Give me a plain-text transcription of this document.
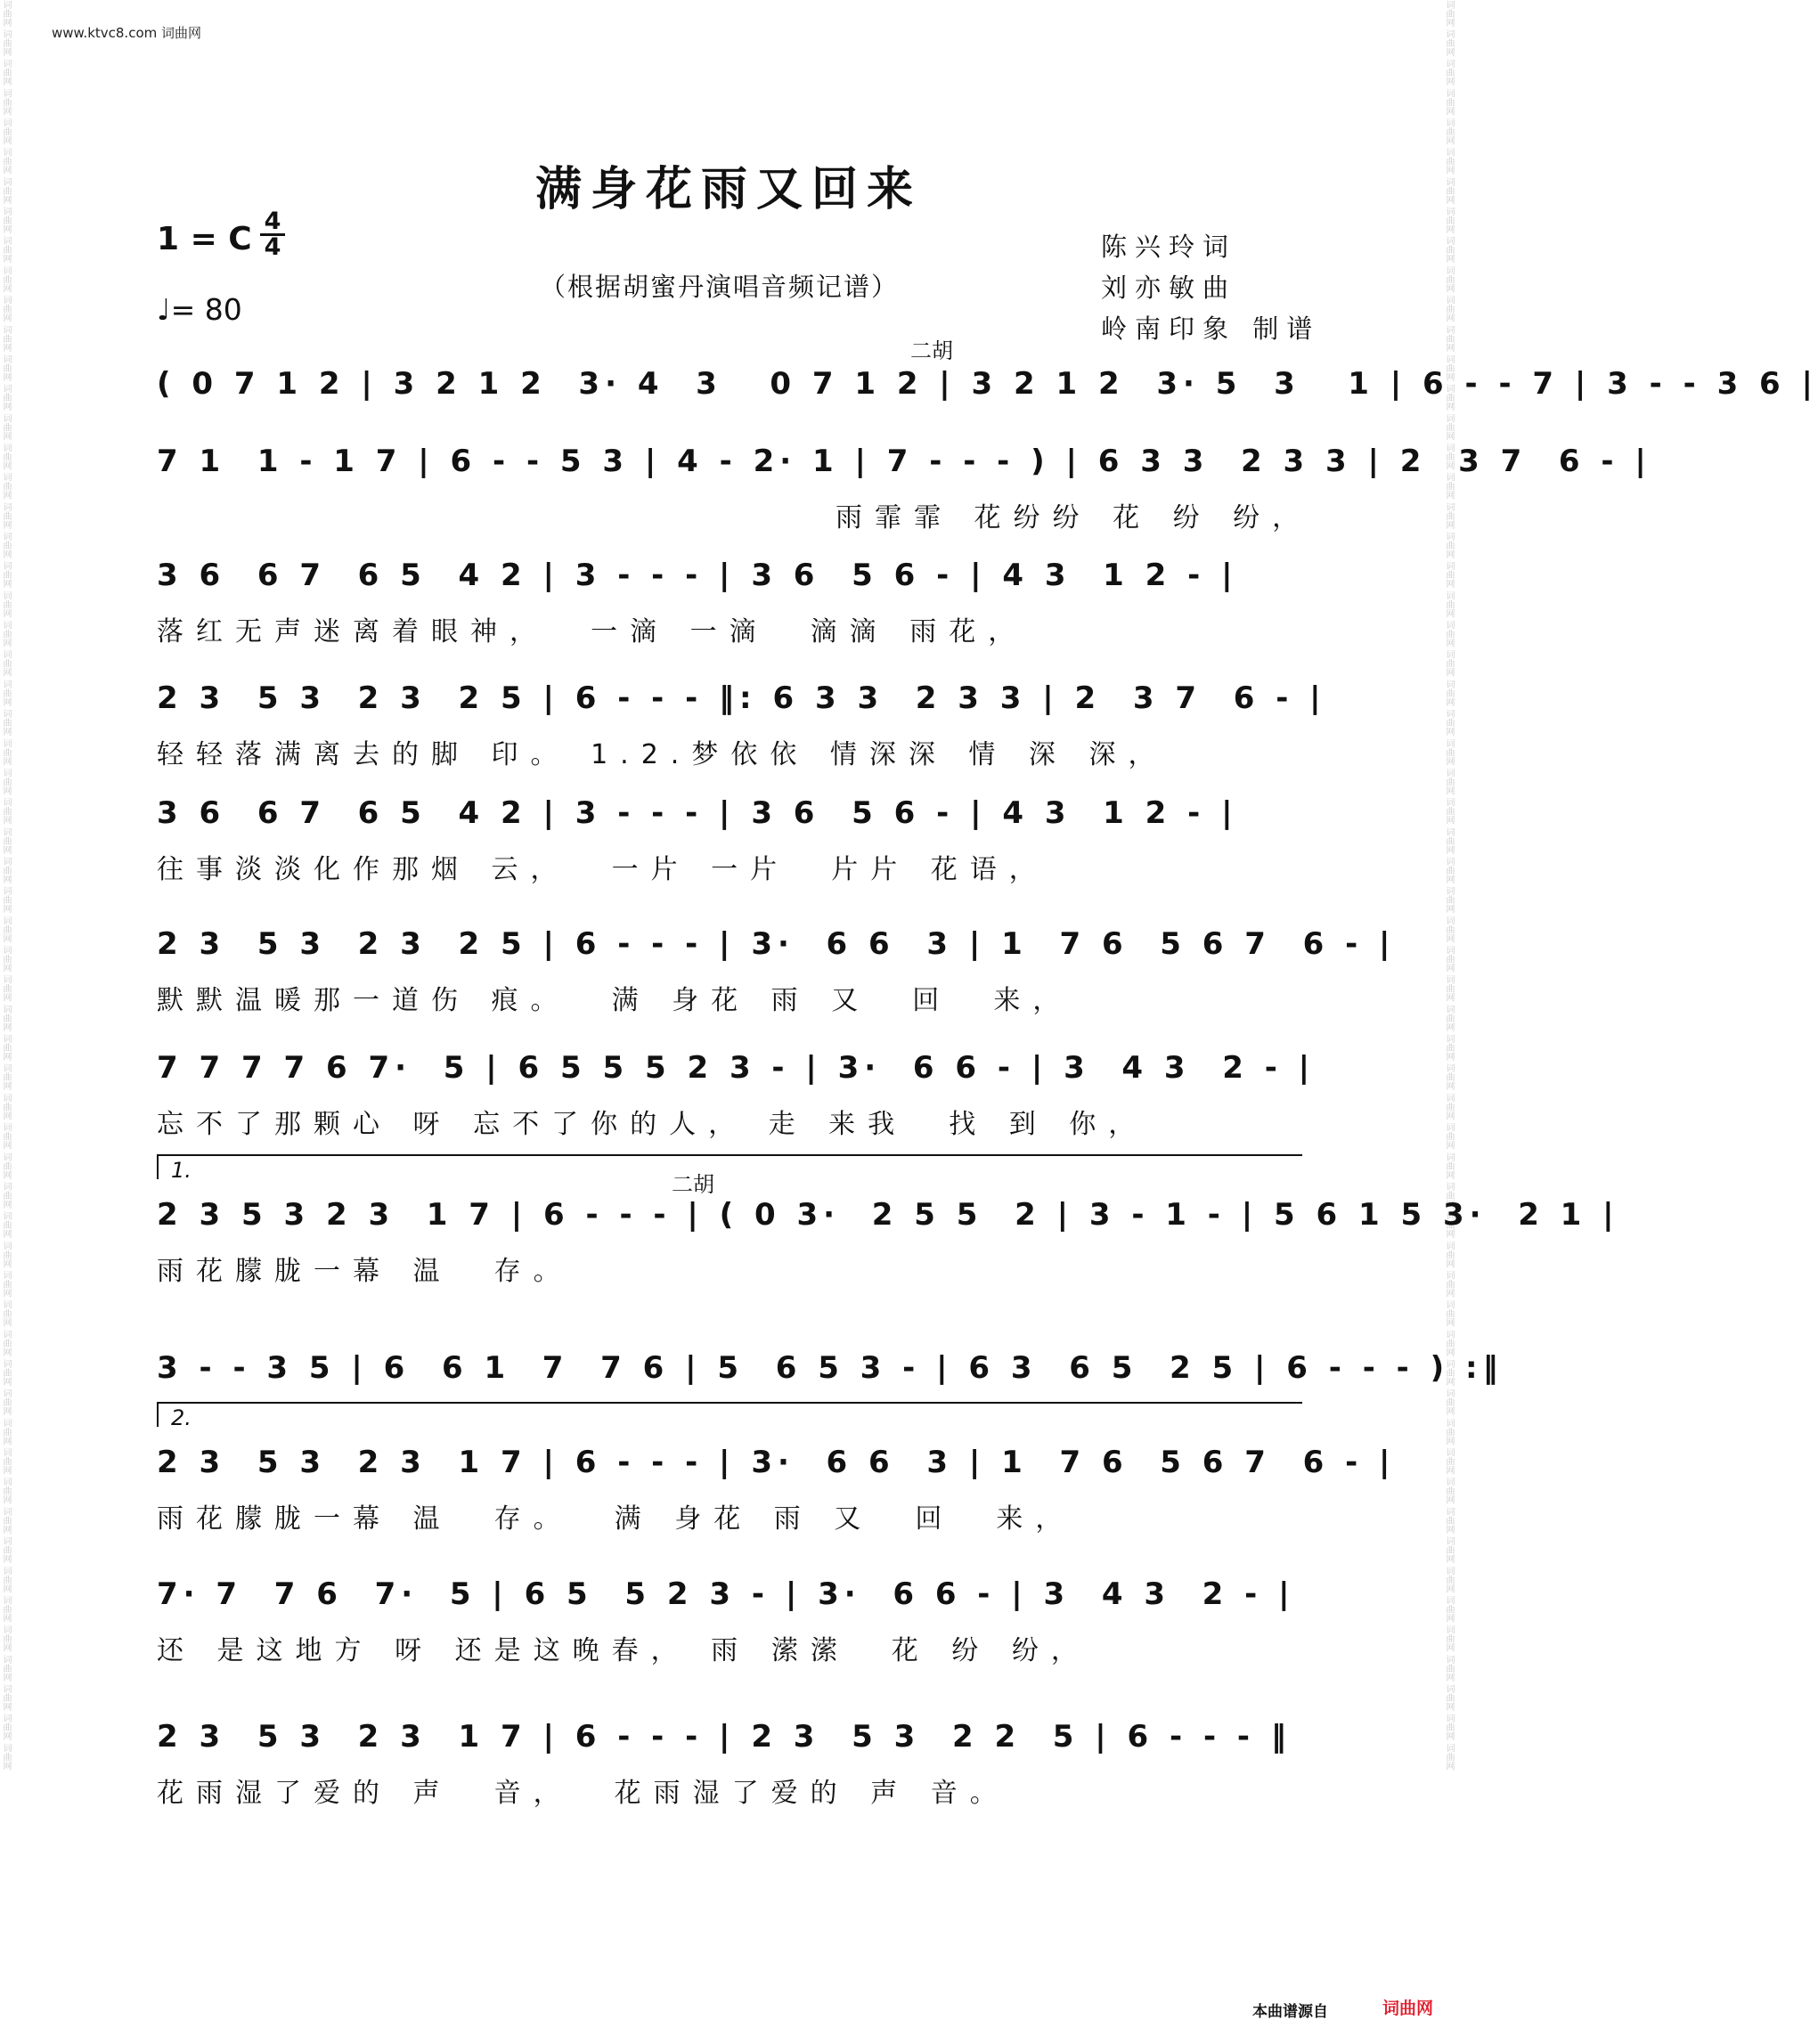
词曲网 词曲网 词曲网 词曲网 词曲网 词曲网 词曲网 词曲网 词曲网 词曲网 词曲网 词曲网 词曲网 词曲网 词曲网 词曲网 词曲网 词曲网 词曲网 词曲网 词曲网 词曲网 词曲网 词曲网 词曲网 词曲网 词曲网 词曲网 词曲网 词曲网 词曲网 词曲网 词曲网 词曲网 词曲网 词曲网 词曲网 词曲网 词曲网 词曲网 词曲网 词曲网 词曲网 词曲网 词曲网 词曲网 词曲网 词曲网 词曲网 词曲网 词曲网 词曲网 词曲网 词曲网 词曲网 词曲网 词曲网 词曲网 词曲网 词曲网	词曲网 词曲网 词曲网 词曲网 词曲网 词曲网 词曲网 词曲网 词曲网 词曲网 词曲网 词曲网 词曲网 词曲网 词曲网 词曲网 词曲网 词曲网 词曲网 词曲网 词曲网 词曲网 词曲网 词曲网 词曲网 词曲网 词曲网 词曲网 词曲网 词曲网 词曲网 词曲网 词曲网 词曲网 词曲网 词曲网 词曲网 词曲网 词曲网 词曲网 词曲网 词曲网 词曲网 词曲网 词曲网 词曲网 词曲网 词曲网 词曲网 词曲网 词曲网 词曲网 词曲网 词曲网 词曲网 词曲网 词曲网 词曲网 词曲网 词曲网
www.ktvc8.com 词曲网
满身花雨又回来
1 = C 4
4
♩= 80
（根据胡蜜丹演唱音频记谱）
陈兴玲词
刘亦敏曲
岭南印象 制谱
二胡
二胡
1.
2.
( 0 7 1 2 | 3 2 1 2  3· 4  3   0 7 1 2 | 3 2 1 2  3· 5  3   1 | 6 - - 7 | 3 - - 3 6 |
7 1  1 - 1 7 | 6 - - 5 3 | 4 - 2· 1 | 7 - - - ) | 6 3 3  2 3 3 | 2  3 7  6 - |
雨霏霏 花纷纷 花 纷 纷，
3 6  6 7  6 5  4 2 | 3 - - - | 3 6  5 6 - | 4 3  1 2 - |
落红无声迷离着眼神，  一滴 一滴  滴滴 雨花，
2 3  5 3  2 3  2 5 | 6 - - - ‖: 6 3 3  2 3 3 | 2  3 7  6 - |
轻轻落满离去的脚 印。 1.2.梦依依 情深深 情 深 深，
3 6  6 7  6 5  4 2 | 3 - - - | 3 6  5 6 - | 4 3  1 2 - |
往事淡淡化作那烟 云，  一片 一片  片片 花语，
2 3  5 3  2 3  2 5 | 6 - - - | 3·  6 6  3 | 1  7 6  5 6 7  6 - |
默默温暖那一道伤 痕。  满 身花 雨 又  回  来，
7 7 7 7 6 7·  5 | 6 5 5 5 2 3 - | 3·  6 6 - | 3  4 3  2 - |
忘不了那颗心 呀 忘不了你的人， 走 来我  找 到 你，
2 3 5 3 2 3  1 7 | 6 - - - | ( 0 3·  2 5 5  2 | 3 - 1 - | 5 6 1 5 3·  2 1 |
雨花朦胧一幕 温  存。
3 - - 3 5 | 6  6 1  7  7 6 | 5  6 5 3 - | 6 3  6 5  2 5 | 6 - - - ) :‖
2 3  5 3  2 3  1 7 | 6 - - - | 3·  6 6  3 | 1  7 6  5 6 7  6 - |
雨花朦胧一幕 温  存。  满 身花 雨 又  回  来，
7· 7  7 6  7·  5 | 6 5  5 2 3 - | 3·  6 6 - | 3  4 3  2 - |
还 是这地方 呀 还是这晚春， 雨 潆潆  花 纷 纷，
2 3  5 3  2 3  1 7 | 6 - - - | 2 3  5 3  2 2  5 | 6 - - - ‖
花雨湿了爱的 声  音，  花雨湿了爱的 声 音。
本曲谱源自	词曲网
